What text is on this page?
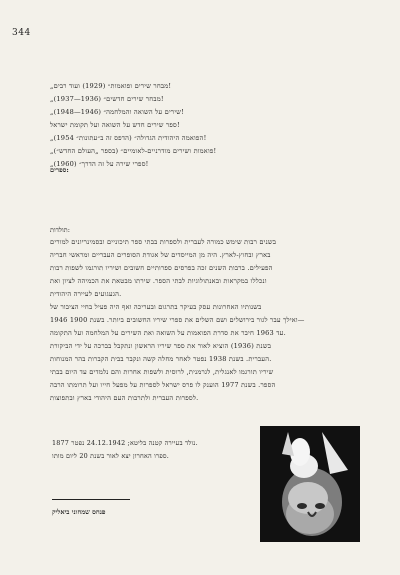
344
„מבחר שירים ופואמות״ (1929) ועוד רבים!
„מבחר שירים חדשים״ (1936—1937)!
„שירים על השואה והמלחמה״ (1946—1948)!
ספר שירים חדש על השואה ועל תקומת ישראל!
„הפואמה היהודית הגדולה״ (הדפס זה ב״עתונות״ 1954)!
„פואמות ושירים מודרניים-לאומיים״ (בספר „העולם החדש״)!
„ספרי שירה על זה הדרך״ (1960)!
ספרים:
תולדות:
בשנים רבות שימש כמורה לעברית ולספרות בבתי ספר תיכוניים ובסמינריונים למורים
בארץ ובחוץ-לארץ. היה מן המייסדים של אגודת הסופרים העבריים ומראשי חבריה
הפעילים. ברבות השנים זכה בפרסים ספרותיים חשובים ושיריו תורגמו לשפות רבות
ונכללו במקראות ובאנתולוגיות לבתי הספר. שירתו מבטאת את הכמיהה לציון ואת
הגעגועים לעיירה היהודית.
בשנותיו האחרונות עסק בעיקר בתרגום ובעריכה ואף היה פעיל בחיי הציבור של
1946 ואילך עבר לגור בירושלים ושם השלים את ספרי שיריו החשובים ביותר. בשנת 1900—
עד 1963 חיבר את סדרת הפואמות על השואה ואת השירים על המלחמה ועל התקומה.
בשנת (1936) הוציא לאור את ספר שיריו הראשון ונתקבל בברכה על ידי הביקורת
העברית. בשנת 1938 נפטר לאחר מחלה קשה ונקבר בבית הקברות בהר המנוחות.
שיריו תורגמו לאנגלית, לגרמנית, לרוסית ולשפות אחרות והם נלמדים עד היום בבתי
הספר. בשנת 1977 הוענק לו פרס ישראל לספרות על מפעל חייו ועל תרומתו הרבה
לספרות העברית ולתרבות העם היהודי בארץ ובתפוצות.
1877 נולד בעיירה קטנה בליטא; 24.12.1942 נפטר.
ספרו האחרון יצא לאור בשנת 20 ליום מותו.
פנחס שמחוני ביאליק
